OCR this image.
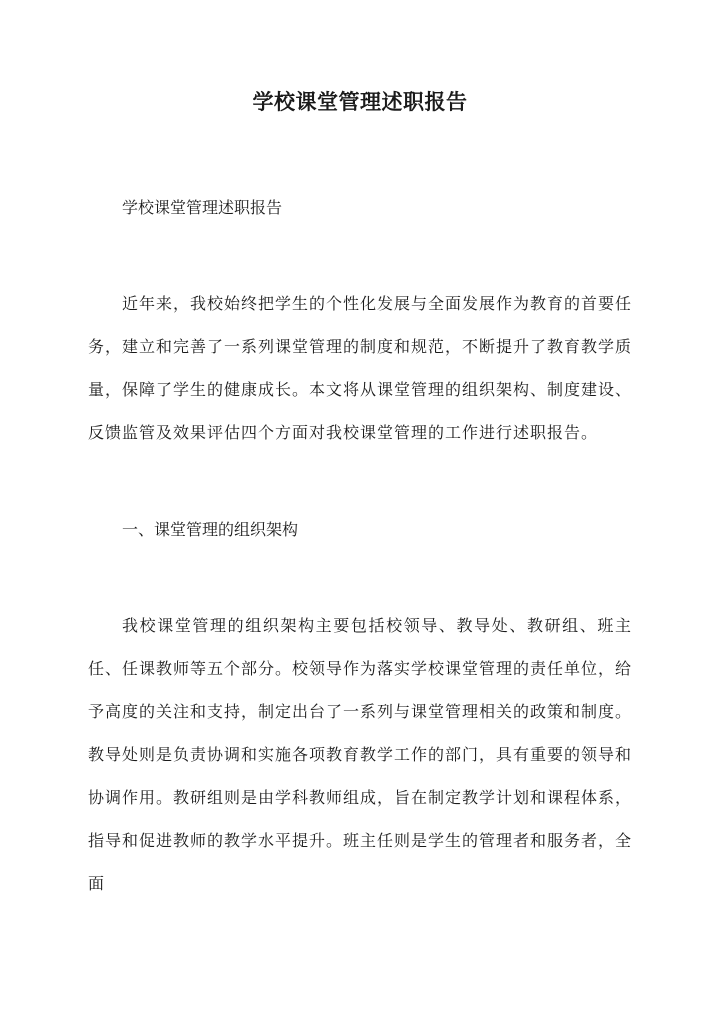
学校课堂管理述职报告
学校课堂管理述职报告
近年来，我校始终把学生的个性化发展与全面发展作为教育的首要任务，建立和完善了一系列课堂管理的制度和规范，不断提升了教育教学质量，保障了学生的健康成长。本文将从课堂管理的组织架构、制度建设、反馈监管及效果评估四个方面对我校课堂管理的工作进行述职报告。
一、课堂管理的组织架构
我校课堂管理的组织架构主要包括校领导、教导处、教研组、班主任、任课教师等五个部分。校领导作为落实学校课堂管理的责任单位，给予高度的关注和支持，制定出台了一系列与课堂管理相关的政策和制度。教导处则是负责协调和实施各项教育教学工作的部门，具有重要的领导和协调作用。教研组则是由学科教师组成，旨在制定教学计划和课程体系，指导和促进教师的教学水平提升。班主任则是学生的管理者和服务者，全面
